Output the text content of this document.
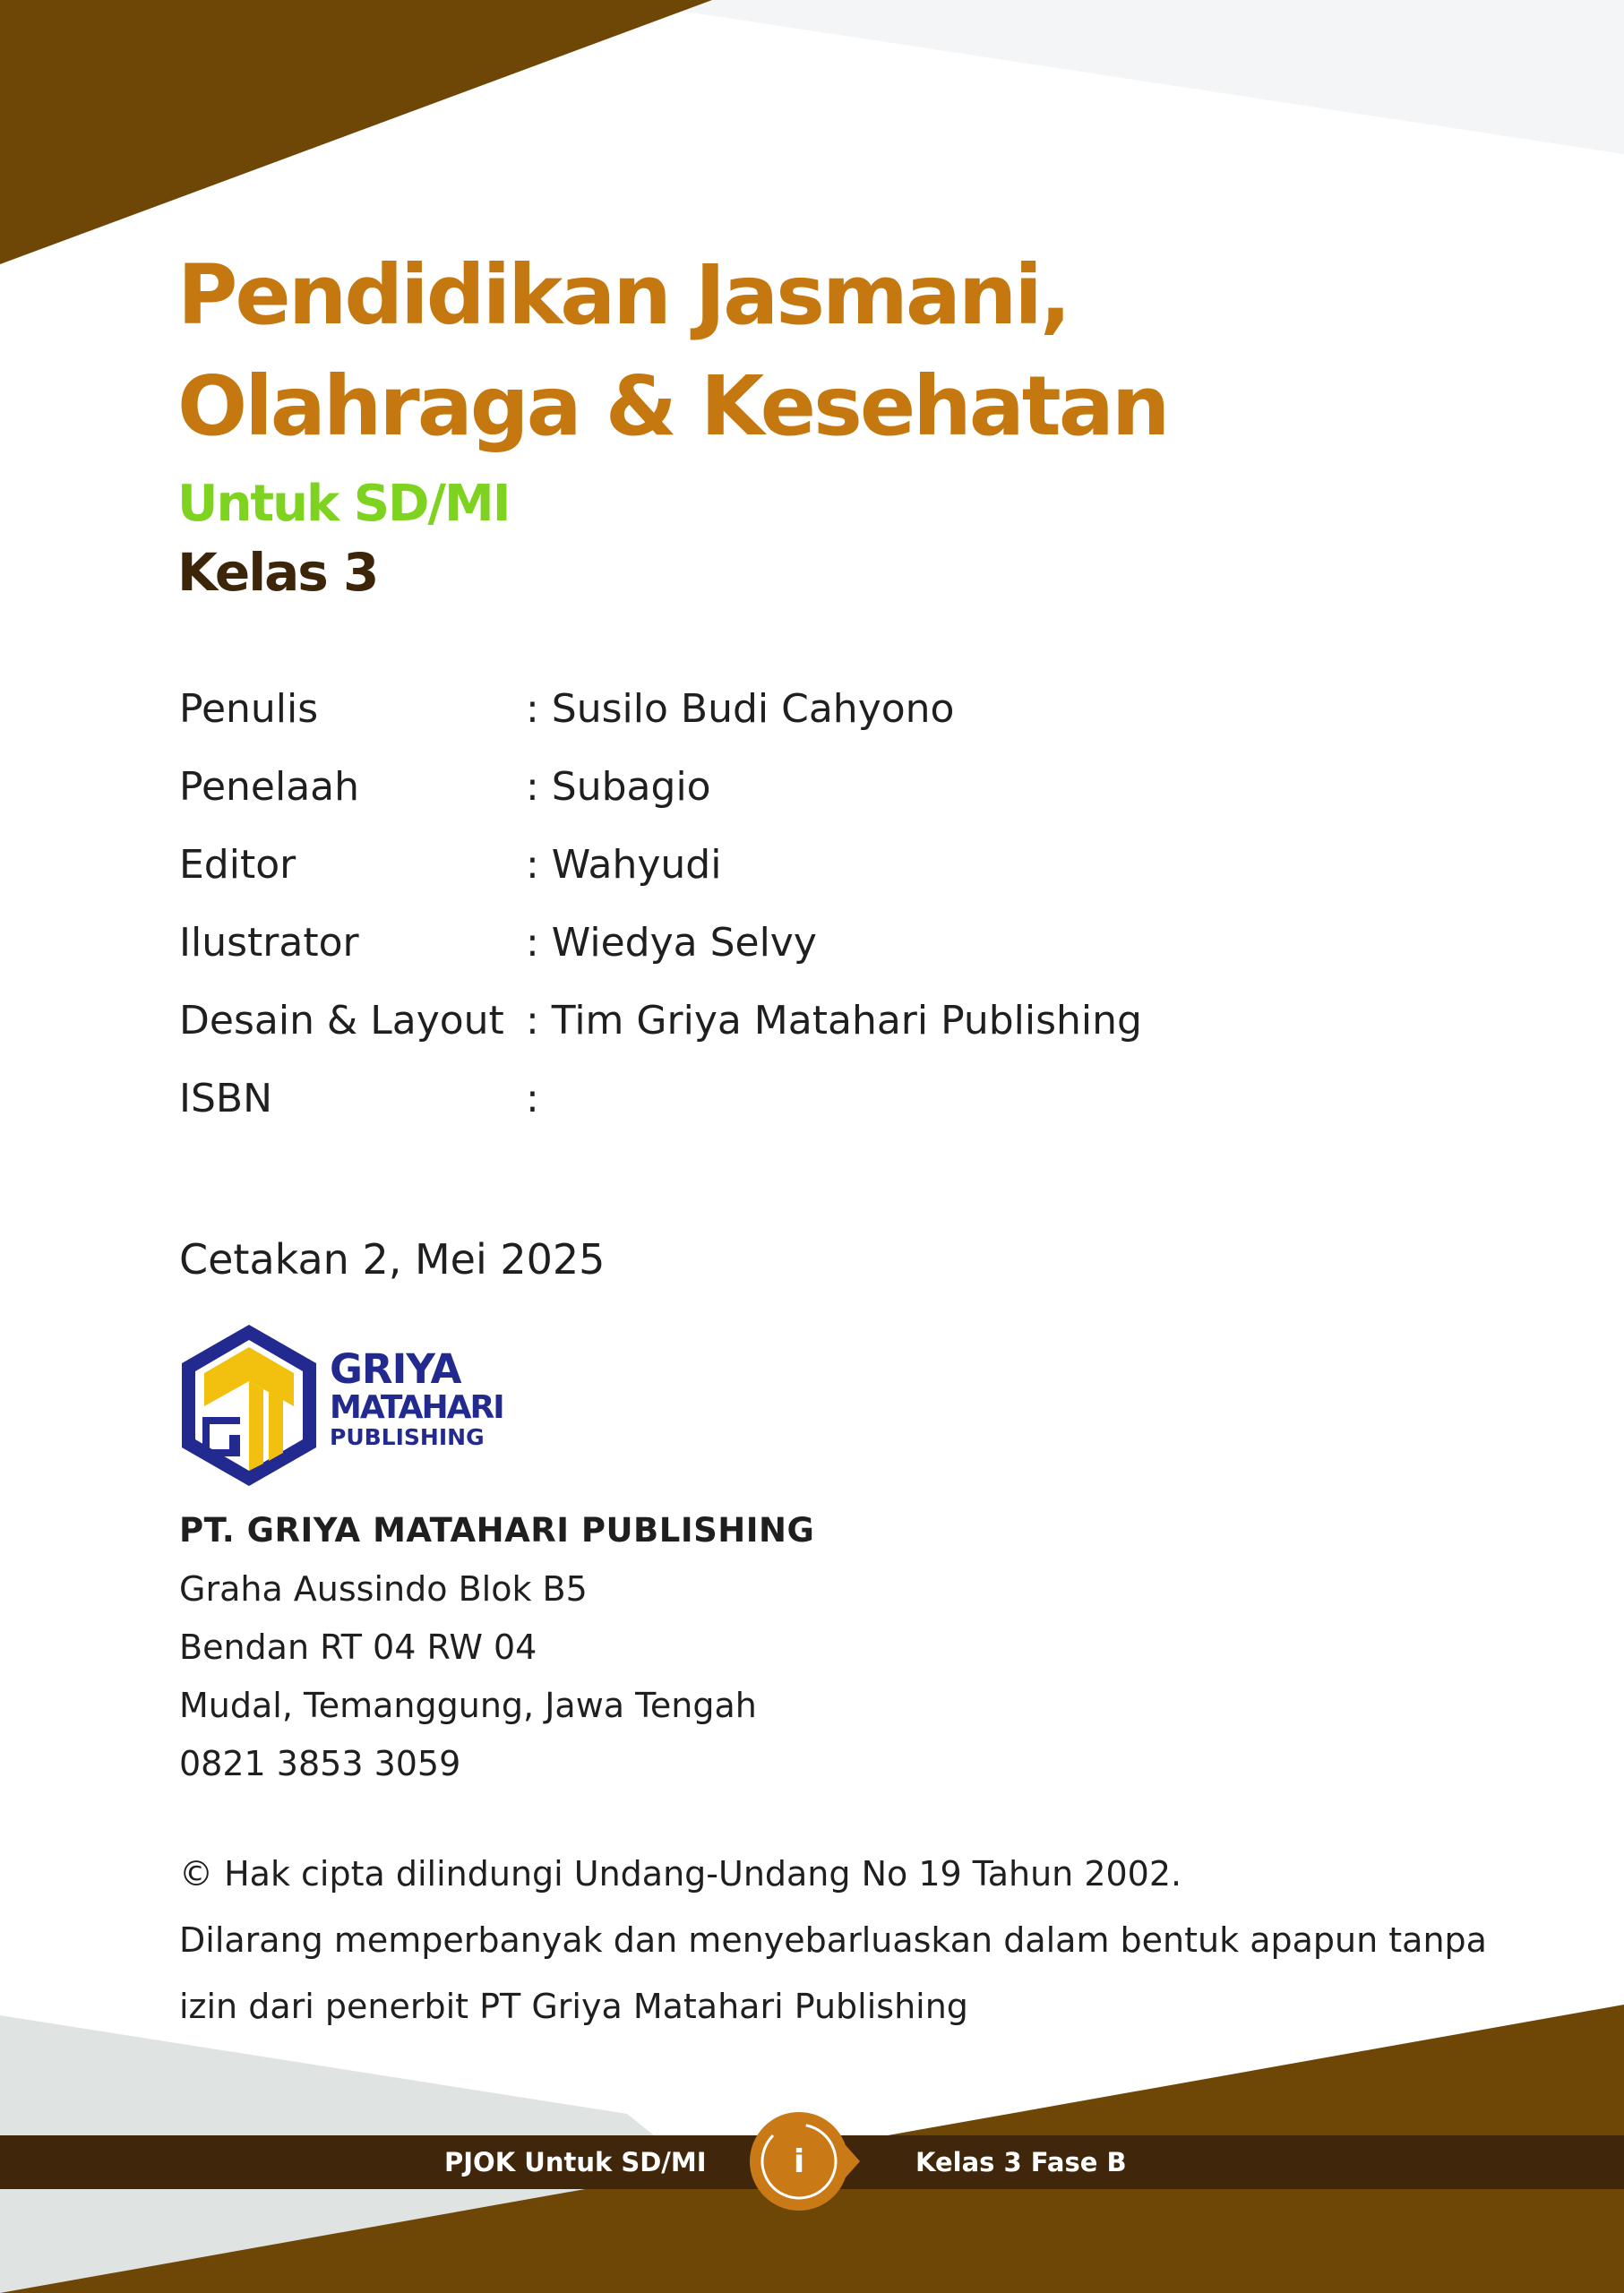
Pendidikan Jasmani,
Olahraga & Kesehatan
Untuk SD/MI
Kelas 3
Penulis	: Susilo Budi Cahyono
Penelaah	: Subagio
Editor	: Wahyudi
Ilustrator	: Wiedya Selvy
Desain & Layout : Tim Griya Matahari Publishing
ISBN	:
Cetakan 2, Mei 2025
GRIYA
MATAHARI
PUBLISHING
PT. GRIYA MATAHARI PUBLISHING
Graha Aussindo Blok B5
Bendan RT 04 RW 04
Mudal, Temanggung, Jawa Tengah
0821 3853 3059
© Hak cipta dilindungi Undang-Undang No 19 Tahun 2002.
Dilarang memperbanyak dan menyebarluaskan dalam bentuk apapun tanpa
izin dari penerbit PT Griya Matahari Publishing
PJOK Untuk SD/MI	i	Kelas 3 Fase B
